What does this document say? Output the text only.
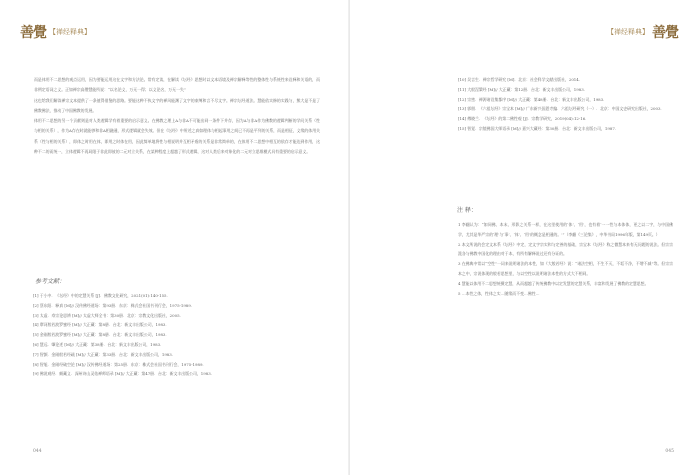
善覺 【禅经释典】

而是体用不二思想的观点运用，因为要能运用这在文字和方法论。常有定读，在解读《坛经》思想时以文本语境及禅宗解释等性的整体性与系统性来诠释和关语的，而非例定语词之义。正如禅宗高僧慧能所说：“以名论义，万无一得；以义论名，万无一失”

这也给我们解读禅宗文本提供了一条值得借鉴的思路。要能这种不执文字的禅风能渊了文字的束缚和言不尽文字。禅宗坛经道法。慧能依实修的实践与，熊大是不是了佛教佛法，推动了中国佛教的发展。

体用不二思想的另一个贡献则是对人类逻辑学有着重要的启示意义。在佛教之理上A与非A不可能出同一条件下并存，因为A与非A作为佛教的逻辑判断的学问关系（性与相的关系），作为A存在时就能够和非A相融通，形式逻辑就会失效。但在《坛经》中所述之真如理体与相起事用之间已不再是平列的关系，而是相征，义缘的体用关系（性与相的关系），即体之时用在体，即用之时体在用，因此简单地将性与相说明并互相矛盾的关系是非常简单的，在体用不二思想中相互的依存才能达到作用，这种不二的而统一，立体逻辑不再局限于非此即彼的二元对立关系，在某种程度上超越了形式逻辑，这对人类后来对象化的二元对立思维模式具有重要的启示意义。

参考文献：

[1] 于小中．《坛经》中的定慧关系 [J]．佛教文化研究，2021(01):140-155.

[2] 蔡东阳．释真 [M]// 汉传佛经道场：第93册．东京：株式会社国书刊行会，1975-1989.

[3] 太虚．寿宗论思辨 [M]// 太虚大师全书：第30册．北京：宗教文化出版社，2005.

[4] 摩诃般若波罗蜜经 [M]// 大正藏：第8册．台北：新文丰出版公司，1983.

[5] 金刚般若波罗蜜经 [M]// 大正藏：第8册．台北：新文丰出版公司，1983.

[6] 慧远．肇论述 [M]// 大正藏：第38册．台北：新文丰出版公司，1983.

[7] 智顗．金刚般若经疏 [M]// 大正藏：第33册．台北：新文丰出版公司，1983.

[8] 智旭．金刚经破空论 [M]// 汉传佛经道场：第25册．东京：株式会社国书刊行会，1975-1989.

[9] 佛说观经．颇藏义．深州诗山灵佑禅师语录 [M]// 大正藏：第47册．台北：新文丰出版公司，1983.

044
善覺
【禅经释典】

[10] 吴言生．禅宗哲学研究 [M]．北京：社会科学文献出版社，2014.

[11] 大般涅槃经 [M]// 大正藏：第12册．台北：新文丰出版公司，1983.

[12] 宗密．禅源诸诠集都序 [M]// 大正藏：第48册．台北：新文丰出版公司，1983.

[13] 郭朋．《六祖坛经》宗宝本 [M]// 广东新兴国恩寺编．六祖坛经研究（一）．北京：中国文史研究出版社，2003.

[14] 傅晓兰．《坛经》的第二佛性观 [J]．宗教学研究，2019(04):12-16.

[15] 智觉．宗镜佛国大师语录 [M]// 嘉兴大藏经：第30册．台北：新文丰出版公司，1987.

注 释：

1 李翻认为：“如同佛、本末、形影之关系一样，在这里使用的‘体’、‘用’，也有着‘一一性与本体体，更之以二字，与中国佛学，尤其是华严宗的‘理’与‘事’、‘体’、‘用’的概念是相通的。’”（李翻《三论集》，中华书局1996年版，第149页。）

2 本文所说的会定文本系《坛经》中定，定文字宗实和与定善的基础，宗宝本《坛经》称之微慧本来有无问题的说法。但宗宗派各与佛教中国化的理由对于本，有所有解释说过还有分证的。

3 在佛典中常以“空性”一词来说明诸法的本性，如《大般若经》说：“诸法空相，不生不灭，不垢不净，不增不减”等。但宗宗本之中，宗说体现的般若思想里，与以空性以说明诸法本性的方式大不相同。

4 慧能以体用不二思想统摄定慧，从而超越了传统佛教中以定发慧的定慧关系，丰富和发展了佛教的定慧思想。

5 …本性之体，性体之实…随缘而不变…佛性…

045
